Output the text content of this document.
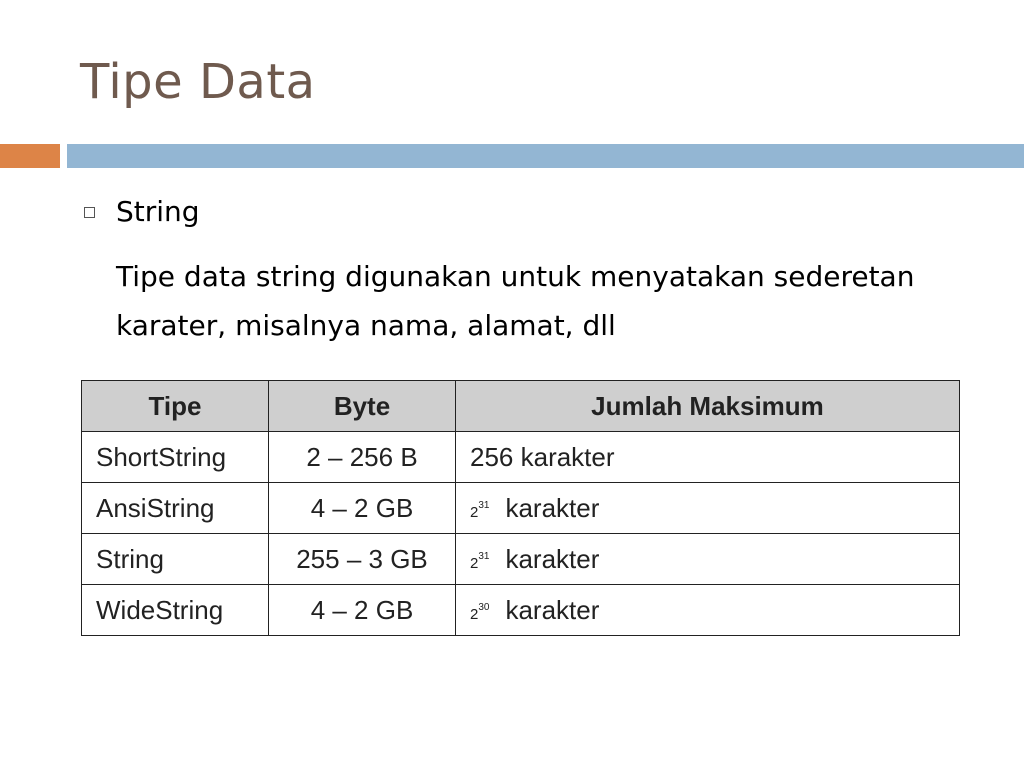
Tipe Data
String
Tipe data string digunakan untuk menyatakan sederetan karater, misalnya nama, alamat, dll
Tipe	Byte	Jumlah Maksimum
ShortString	2 – 256 B	256 karakter
AnsiString	4 – 2 GB	$2^{31}$ karakter
String	255 – 3 GB	$2^{31}$ karakter
WideString	4 – 2 GB	$2^{30}$ karakter
